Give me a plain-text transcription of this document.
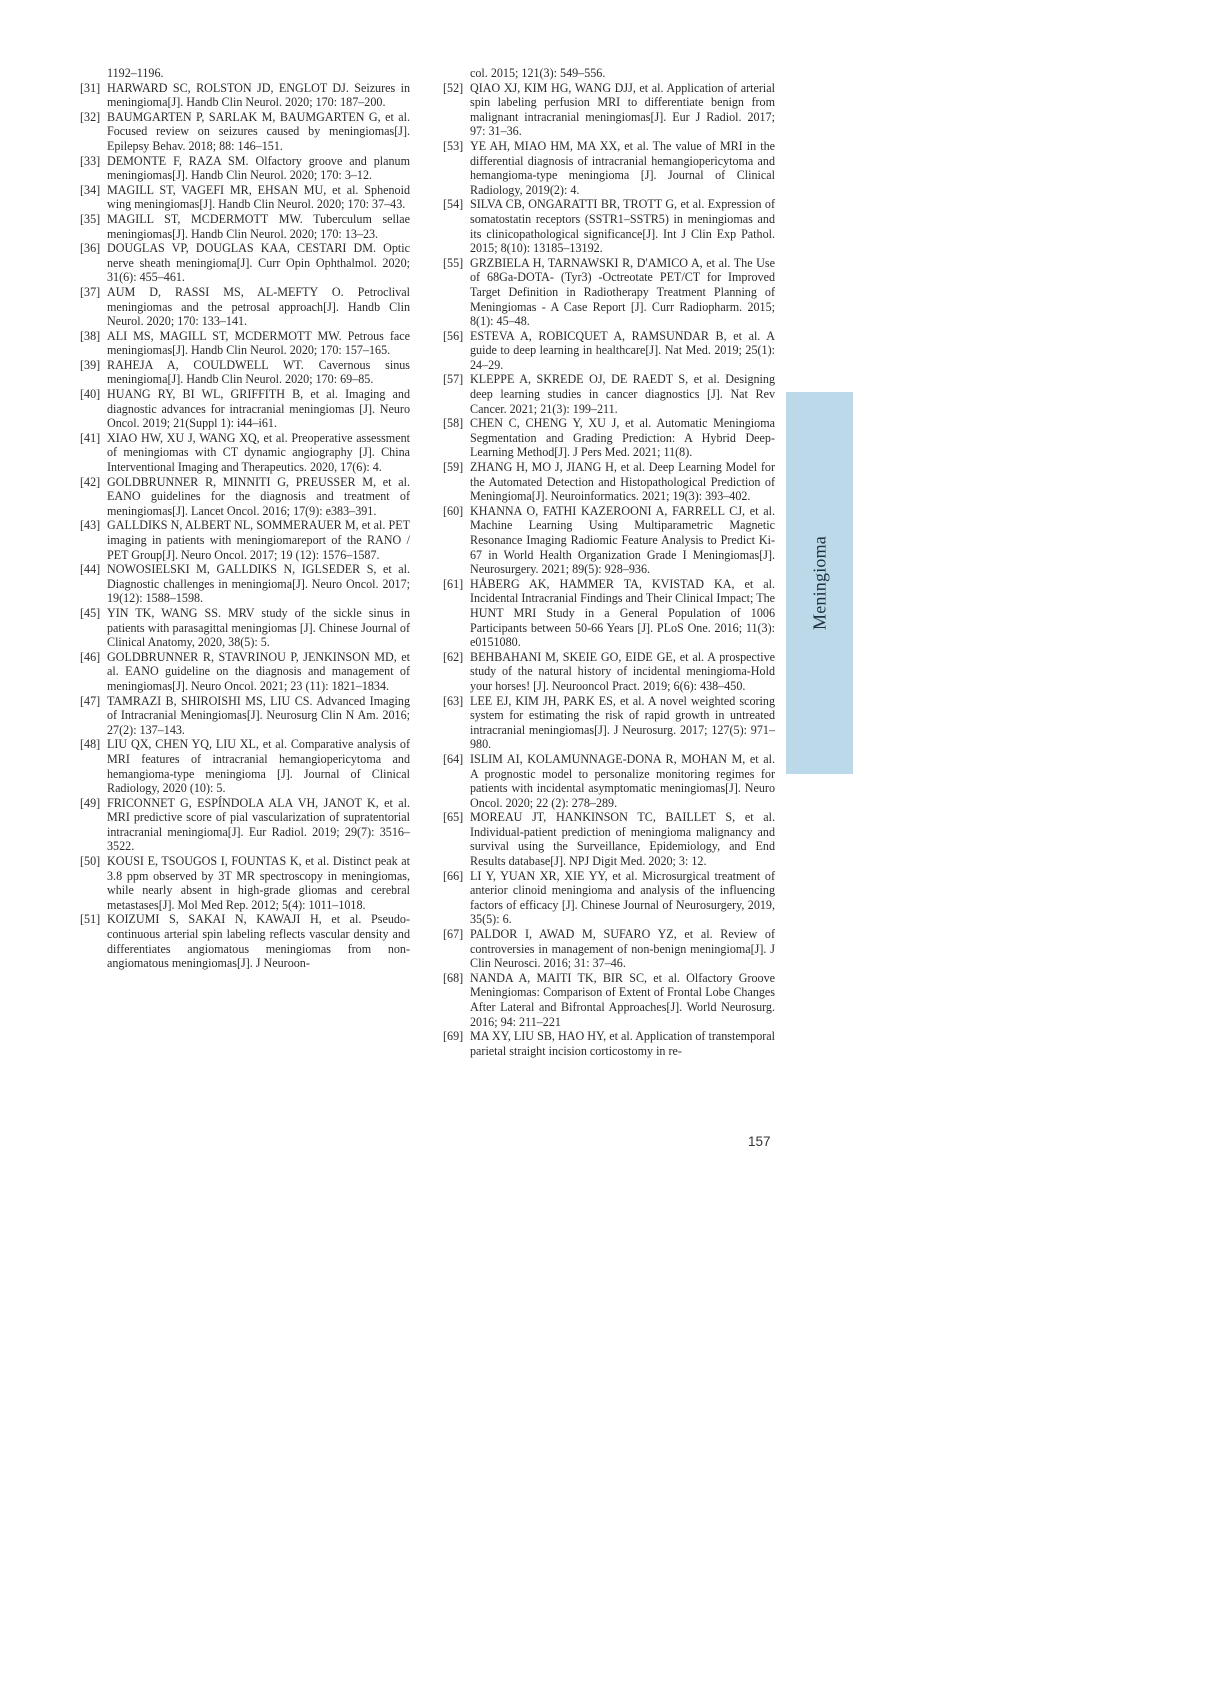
1192–1196.

[31] HARWARD SC, ROLSTON JD, ENGLOT DJ. Seizures in meningioma[J]. Handb Clin Neurol. 2020; 170: 187–200.

[32] BAUMGARTEN P, SARLAK M, BAUMGARTEN G, et al. Focused review on seizures caused by meningiomas[J]. Epilepsy Behav. 2018; 88: 146–151.

[33] DEMONTE F, RAZA SM. Olfactory groove and planum meningiomas[J]. Handb Clin Neurol. 2020; 170: 3–12.

[34] MAGILL ST, VAGEFI MR, EHSAN MU, et al. Sphenoid wing meningiomas[J]. Handb Clin Neurol. 2020; 170: 37–43.

[35] MAGILL ST, MCDERMOTT MW. Tuberculum sellae meningiomas[J]. Handb Clin Neurol. 2020; 170: 13–23.

[36] DOUGLAS VP, DOUGLAS KAA, CESTARI DM. Optic nerve sheath meningioma[J]. Curr Opin Ophthalmol. 2020; 31(6): 455–461.

[37] AUM D, RASSI MS, AL-MEFTY O. Petroclival meningiomas and the petrosal approach[J]. Handb Clin Neurol. 2020; 170: 133–141.

[38] ALI MS, MAGILL ST, MCDERMOTT MW. Petrous face meningiomas[J]. Handb Clin Neurol. 2020; 170: 157–165.

[39] RAHEJA A, COULDWELL WT. Cavernous sinus meningioma[J]. Handb Clin Neurol. 2020; 170: 69–85.

[40] HUANG RY, BI WL, GRIFFITH B, et al. Imaging and diagnostic advances for intracranial meningiomas [J]. Neuro Oncol. 2019; 21(Suppl 1): i44–i61.

[41] XIAO HW, XU J, WANG XQ, et al. Preoperative assessment of meningiomas with CT dynamic angiography [J]. China Interventional Imaging and Therapeutics. 2020, 17(6): 4.

[42] GOLDBRUNNER R, MINNITI G, PREUSSER M, et al. EANO guidelines for the diagnosis and treatment of meningiomas[J]. Lancet Oncol. 2016; 17(9): e383–391.

[43] GALLDIKS N, ALBERT NL, SOMMERAUER M, et al. PET imaging in patients with meningiomareport of the RANO / PET Group[J]. Neuro Oncol. 2017; 19 (12): 1576–1587.

[44] NOWOSIELSKI M, GALLDIKS N, IGLSEDER S, et al. Diagnostic challenges in meningioma[J]. Neuro Oncol. 2017; 19(12): 1588–1598.

[45] YIN TK, WANG SS. MRV study of the sickle sinus in patients with parasagittal meningiomas [J]. Chinese Journal of Clinical Anatomy, 2020, 38(5): 5.

[46] GOLDBRUNNER R, STAVRINOU P, JENKINSON MD, et al. EANO guideline on the diagnosis and management of meningiomas[J]. Neuro Oncol. 2021; 23 (11): 1821–1834.

[47] TAMRAZI B, SHIROISHI MS, LIU CS. Advanced Imaging of Intracranial Meningiomas[J]. Neurosurg Clin N Am. 2016; 27(2): 137–143.

[48] LIU QX, CHEN YQ, LIU XL, et al. Comparative analysis of MRI features of intracranial hemangiopericytoma and hemangioma-type meningioma [J]. Journal of Clinical Radiology, 2020 (10): 5.

[49] FRICONNET G, ESPÍNDOLA ALA VH, JANOT K, et al. MRI predictive score of pial vascularization of supratentorial intracranial meningioma[J]. Eur Radiol. 2019; 29(7): 3516–3522.

[50] KOUSI E, TSOUGOS I, FOUNTAS K, et al. Distinct peak at 3.8 ppm observed by 3T MR spectroscopy in meningiomas, while nearly absent in high-grade gliomas and cerebral metastases[J]. Mol Med Rep. 2012; 5(4): 1011–1018.

[51] KOIZUMI S, SAKAI N, KAWAJI H, et al. Pseudo-continuous arterial spin labeling reflects vascular density and differentiates angiomatous meningiomas from non-angiomatous meningiomas[J]. J Neuroon-

col. 2015; 121(3): 549–556.

[52] QIAO XJ, KIM HG, WANG DJJ, et al. Application of arterial spin labeling perfusion MRI to differentiate benign from malignant intracranial meningiomas[J]. Eur J Radiol. 2017; 97: 31–36.

[53] YE AH, MIAO HM, MA XX, et al. The value of MRI in the differential diagnosis of intracranial hemangiopericytoma and hemangioma-type meningioma [J]. Journal of Clinical Radiology, 2019(2): 4.

[54] SILVA CB, ONGARATTI BR, TROTT G, et al. Expression of somatostatin receptors (SSTR1–SSTR5) in meningiomas and its clinicopathological significance[J]. Int J Clin Exp Pathol. 2015; 8(10): 13185–13192.

[55] GRZBIELA H, TARNAWSKI R, D'AMICO A, et al. The Use of 68Ga-DOTA- (Tyr3) -Octreotate PET/CT for Improved Target Definition in Radiotherapy Treatment Planning of Meningiomas - A Case Report [J]. Curr Radiopharm. 2015; 8(1): 45–48.

[56] ESTEVA A, ROBICQUET A, RAMSUNDAR B, et al. A guide to deep learning in healthcare[J]. Nat Med. 2019; 25(1): 24–29.

[57] KLEPPE A, SKREDE OJ, DE RAEDT S, et al. Designing deep learning studies in cancer diagnostics [J]. Nat Rev Cancer. 2021; 21(3): 199–211.

[58] CHEN C, CHENG Y, XU J, et al. Automatic Meningioma Segmentation and Grading Prediction: A Hybrid Deep-Learning Method[J]. J Pers Med. 2021; 11(8).

[59] ZHANG H, MO J, JIANG H, et al. Deep Learning Model for the Automated Detection and Histopathological Prediction of Meningioma[J]. Neuroinformatics. 2021; 19(3): 393–402.

[60] KHANNA O, FATHI KAZEROONI A, FARRELL CJ, et al. Machine Learning Using Multiparametric Magnetic Resonance Imaging Radiomic Feature Analysis to Predict Ki-67 in World Health Organization Grade I Meningiomas[J]. Neurosurgery. 2021; 89(5): 928–936.

[61] HÅBERG AK, HAMMER TA, KVISTAD KA, et al. Incidental Intracranial Findings and Their Clinical Impact; The HUNT MRI Study in a General Population of 1006 Participants between 50-66 Years [J]. PLoS One. 2016; 11(3): e0151080.

[62] BEHBAHANI M, SKEIE GO, EIDE GE, et al. A prospective study of the natural history of incidental meningioma-Hold your horses! [J]. Neurooncol Pract. 2019; 6(6): 438–450.

[63] LEE EJ, KIM JH, PARK ES, et al. A novel weighted scoring system for estimating the risk of rapid growth in untreated intracranial meningiomas[J]. J Neurosurg. 2017; 127(5): 971–980.

[64] ISLIM AI, KOLAMUNNAGE-DONA R, MOHAN M, et al. A prognostic model to personalize monitoring regimes for patients with incidental asymptomatic meningiomas[J]. Neuro Oncol. 2020; 22 (2): 278–289.

[65] MOREAU JT, HANKINSON TC, BAILLET S, et al. Individual-patient prediction of meningioma malignancy and survival using the Surveillance, Epidemiology, and End Results database[J]. NPJ Digit Med. 2020; 3: 12.

[66] LI Y, YUAN XR, XIE YY, et al. Microsurgical treatment of anterior clinoid meningioma and analysis of the influencing factors of efficacy [J]. Chinese Journal of Neurosurgery, 2019, 35(5): 6.

[67] PALDOR I, AWAD M, SUFARO YZ, et al. Review of controversies in management of non-benign meningioma[J]. J Clin Neurosci. 2016; 31: 37–46.

[68] NANDA A, MAITI TK, BIR SC, et al. Olfactory Groove Meningiomas: Comparison of Extent of Frontal Lobe Changes After Lateral and Bifrontal Approaches[J]. World Neurosurg. 2016; 94: 211–221

[69] MA XY, LIU SB, HAO HY, et al. Application of transtemporal parietal straight incision corticostomy in re-

Meningioma
157
